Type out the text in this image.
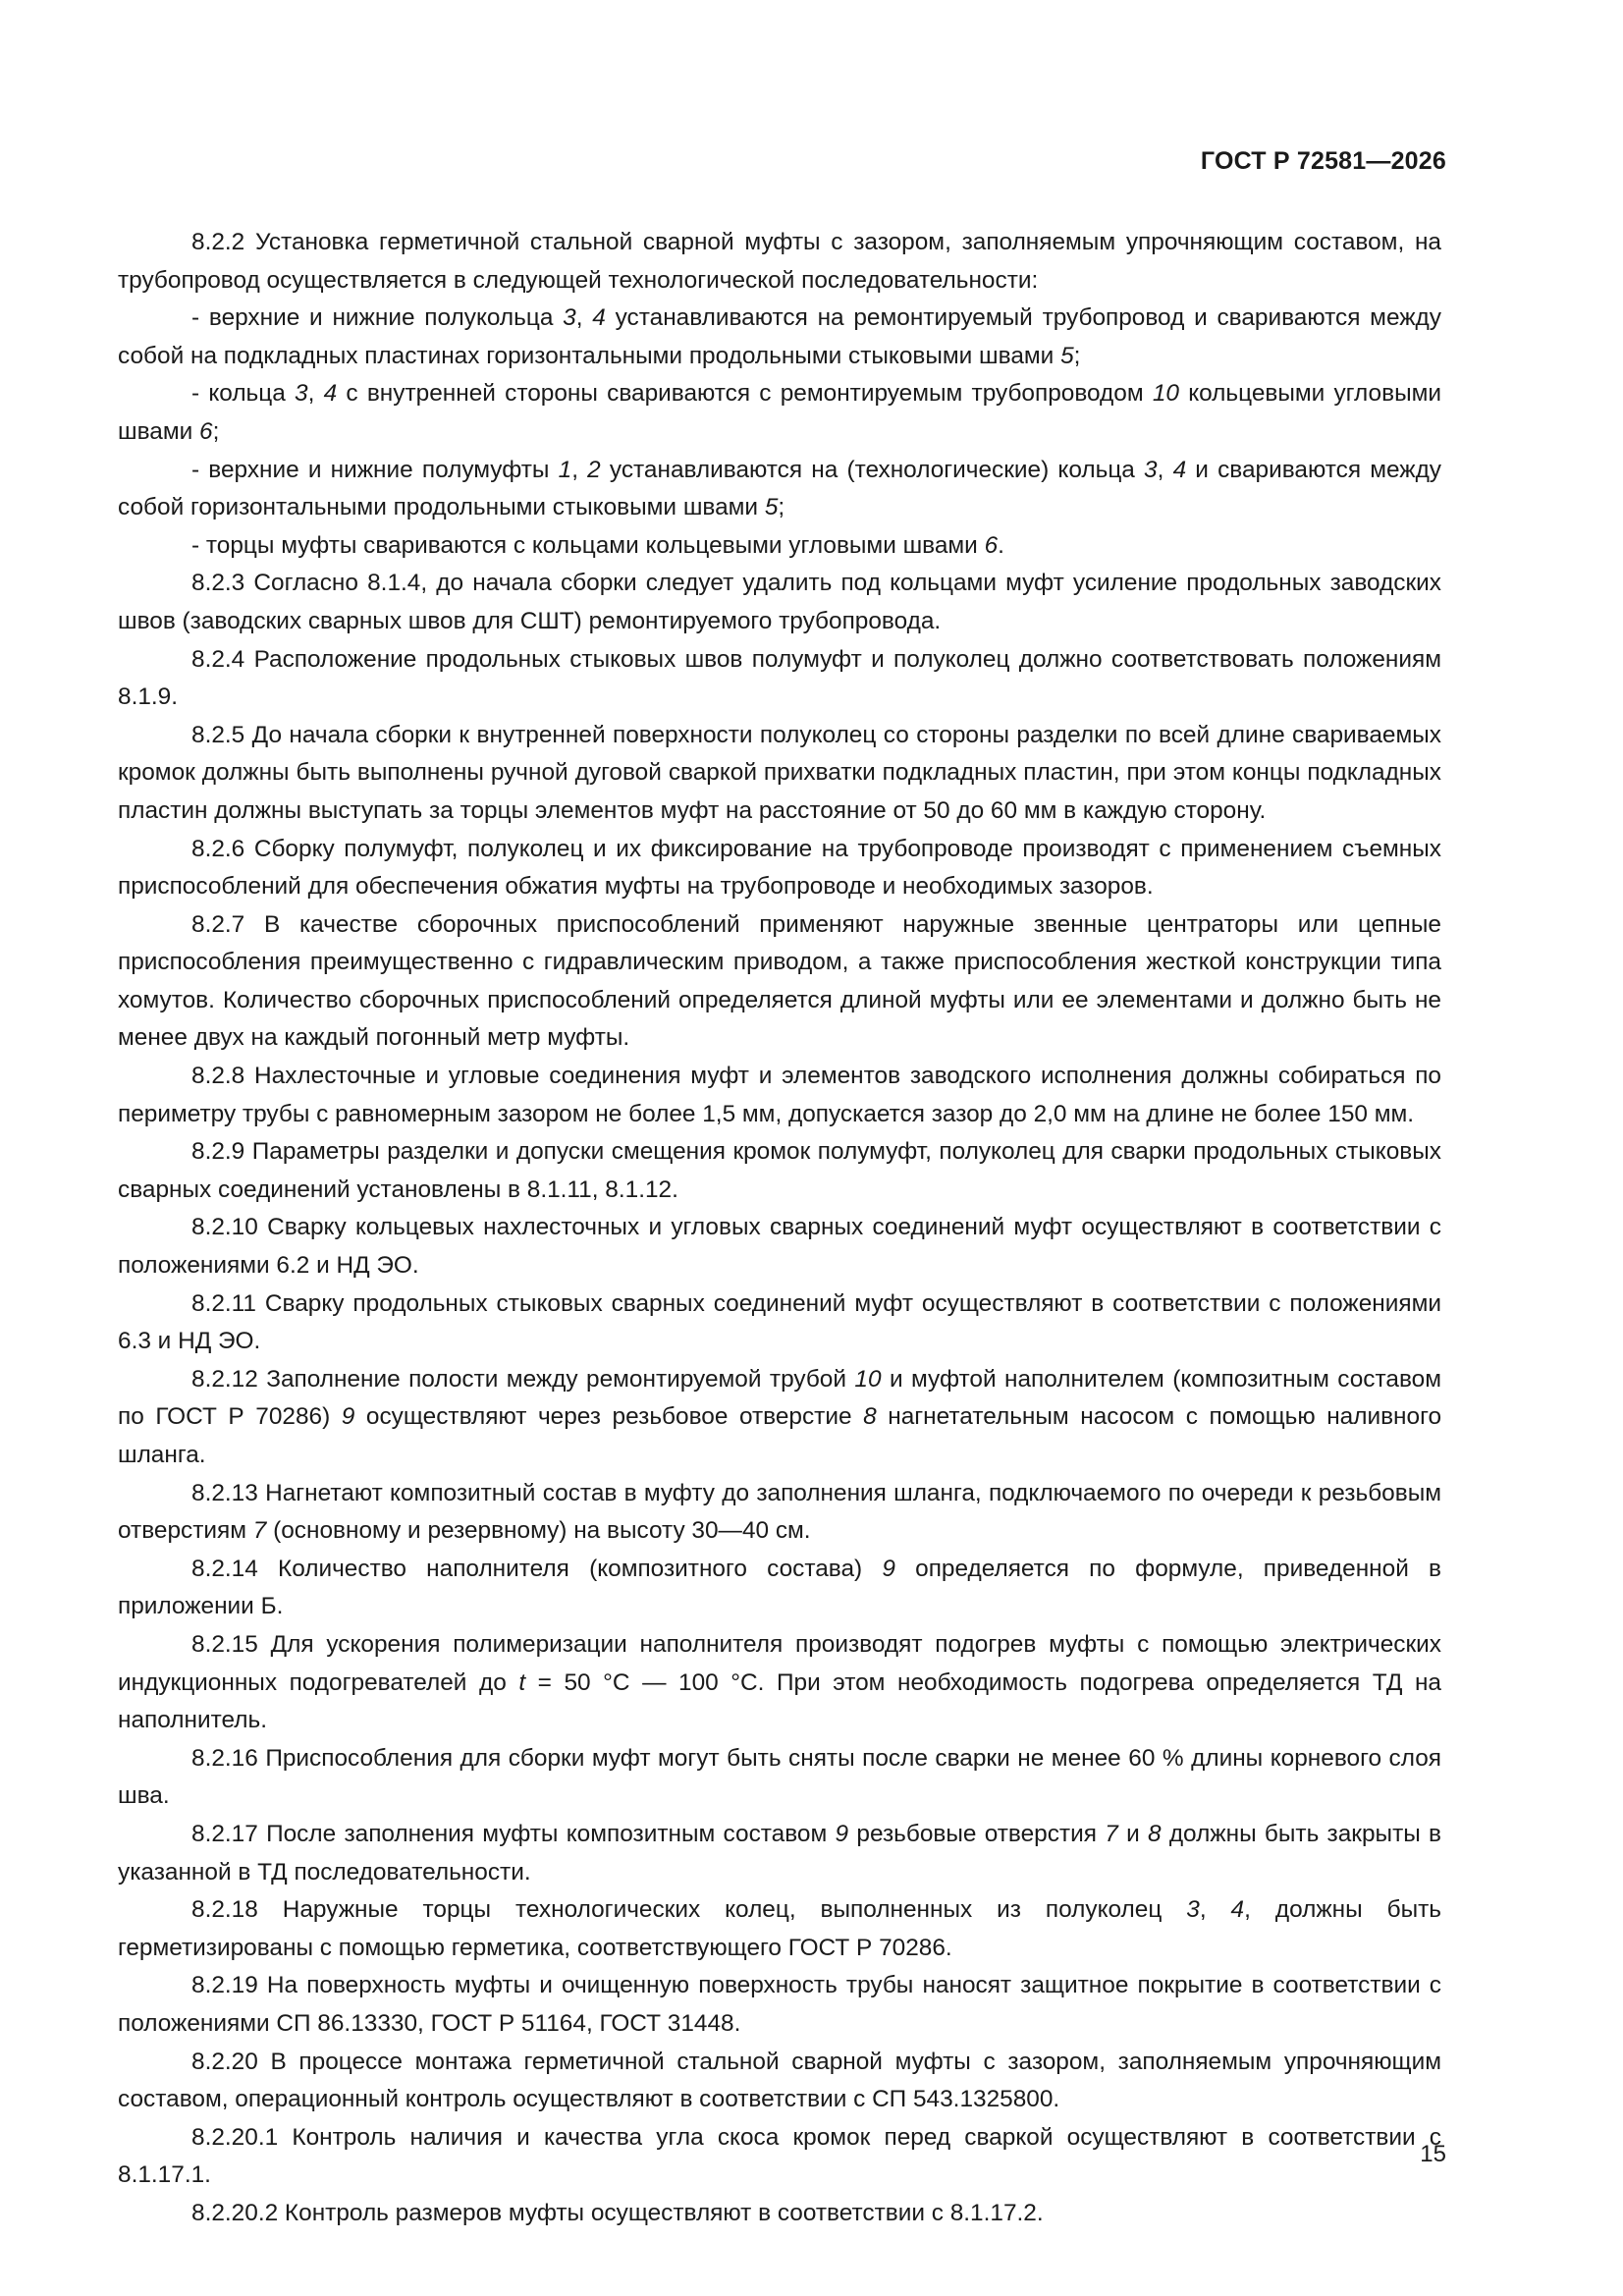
ГОСТ Р 72581—2026

8.2.2 Установка герметичной стальной сварной муфты с зазором, заполняемым упрочняющим составом, на трубопровод осуществляется в следующей технологической последовательности:

- верхние и нижние полукольца 3, 4 устанавливаются на ремонтируемый трубопровод и свариваются между собой на подкладных пластинах горизонтальными продольными стыковыми швами 5;

- кольца 3, 4 с внутренней стороны свариваются с ремонтируемым трубопроводом 10 кольцевыми угловыми швами 6;

- верхние и нижние полумуфты 1, 2 устанавливаются на (технологические) кольца 3, 4 и свариваются между собой горизонтальными продольными стыковыми швами 5;

- торцы муфты свариваются с кольцами кольцевыми угловыми швами 6.

8.2.3 Согласно 8.1.4, до начала сборки следует удалить под кольцами муфт усиление продольных заводских швов (заводских сварных швов для СШТ) ремонтируемого трубопровода.

8.2.4 Расположение продольных стыковых швов полумуфт и полуколец должно соответствовать положениям 8.1.9.

8.2.5 До начала сборки к внутренней поверхности полуколец со стороны разделки по всей длине свариваемых кромок должны быть выполнены ручной дуговой сваркой прихватки подкладных пластин, при этом концы подкладных пластин должны выступать за торцы элементов муфт на расстояние от 50 до 60 мм в каждую сторону.

8.2.6 Сборку полумуфт, полуколец и их фиксирование на трубопроводе производят с применением съемных приспособлений для обеспечения обжатия муфты на трубопроводе и необходимых зазоров.

8.2.7 В качестве сборочных приспособлений применяют наружные звенные центраторы или цепные приспособления преимущественно с гидравлическим приводом, а также приспособления жесткой конструкции типа хомутов. Количество сборочных приспособлений определяется длиной муфты или ее элементами и должно быть не менее двух на каждый погонный метр муфты.

8.2.8 Нахлесточные и угловые соединения муфт и элементов заводского исполнения должны собираться по периметру трубы с равномерным зазором не более 1,5 мм, допускается зазор до 2,0 мм на длине не более 150 мм.

8.2.9 Параметры разделки и допуски смещения кромок полумуфт, полуколец для сварки продольных стыковых сварных соединений установлены в 8.1.11, 8.1.12.

8.2.10 Сварку кольцевых нахлесточных и угловых сварных соединений муфт осуществляют в соответствии с положениями 6.2 и НД ЭО.

8.2.11 Сварку продольных стыковых сварных соединений муфт осуществляют в соответствии с положениями 6.3 и НД ЭО.

8.2.12 Заполнение полости между ремонтируемой трубой 10 и муфтой наполнителем (композитным составом по ГОСТ Р 70286) 9 осуществляют через резьбовое отверстие 8 нагнетательным насосом с помощью наливного шланга.

8.2.13 Нагнетают композитный состав в муфту до заполнения шланга, подключаемого по очереди к резьбовым отверстиям 7 (основному и резервному) на высоту 30—40 см.

8.2.14 Количество наполнителя (композитного состава) 9 определяется по формуле, приведенной в приложении Б.

8.2.15 Для ускорения полимеризации наполнителя производят подогрев муфты с помощью электрических индукционных подогревателей до t = 50 °С — 100 °С. При этом необходимость подогрева определяется ТД на наполнитель.

8.2.16 Приспособления для сборки муфт могут быть сняты после сварки не менее 60 % длины корневого слоя шва.

8.2.17 После заполнения муфты композитным составом 9 резьбовые отверстия 7 и 8 должны быть закрыты в указанной в ТД последовательности.

8.2.18 Наружные торцы технологических колец, выполненных из полуколец 3, 4, должны быть герметизированы с помощью герметика, соответствующего ГОСТ Р 70286.

8.2.19 На поверхность муфты и очищенную поверхность трубы наносят защитное покрытие в соответствии с положениями СП 86.13330, ГОСТ Р 51164, ГОСТ 31448.

8.2.20 В процессе монтажа герметичной стальной сварной муфты с зазором, заполняемым упрочняющим составом, операционный контроль осуществляют в соответствии с СП 543.1325800.

8.2.20.1 Контроль наличия и качества угла скоса кромок перед сваркой осуществляют в соответствии с 8.1.17.1.

8.2.20.2 Контроль размеров муфты осуществляют в соответствии с 8.1.17.2.

15
